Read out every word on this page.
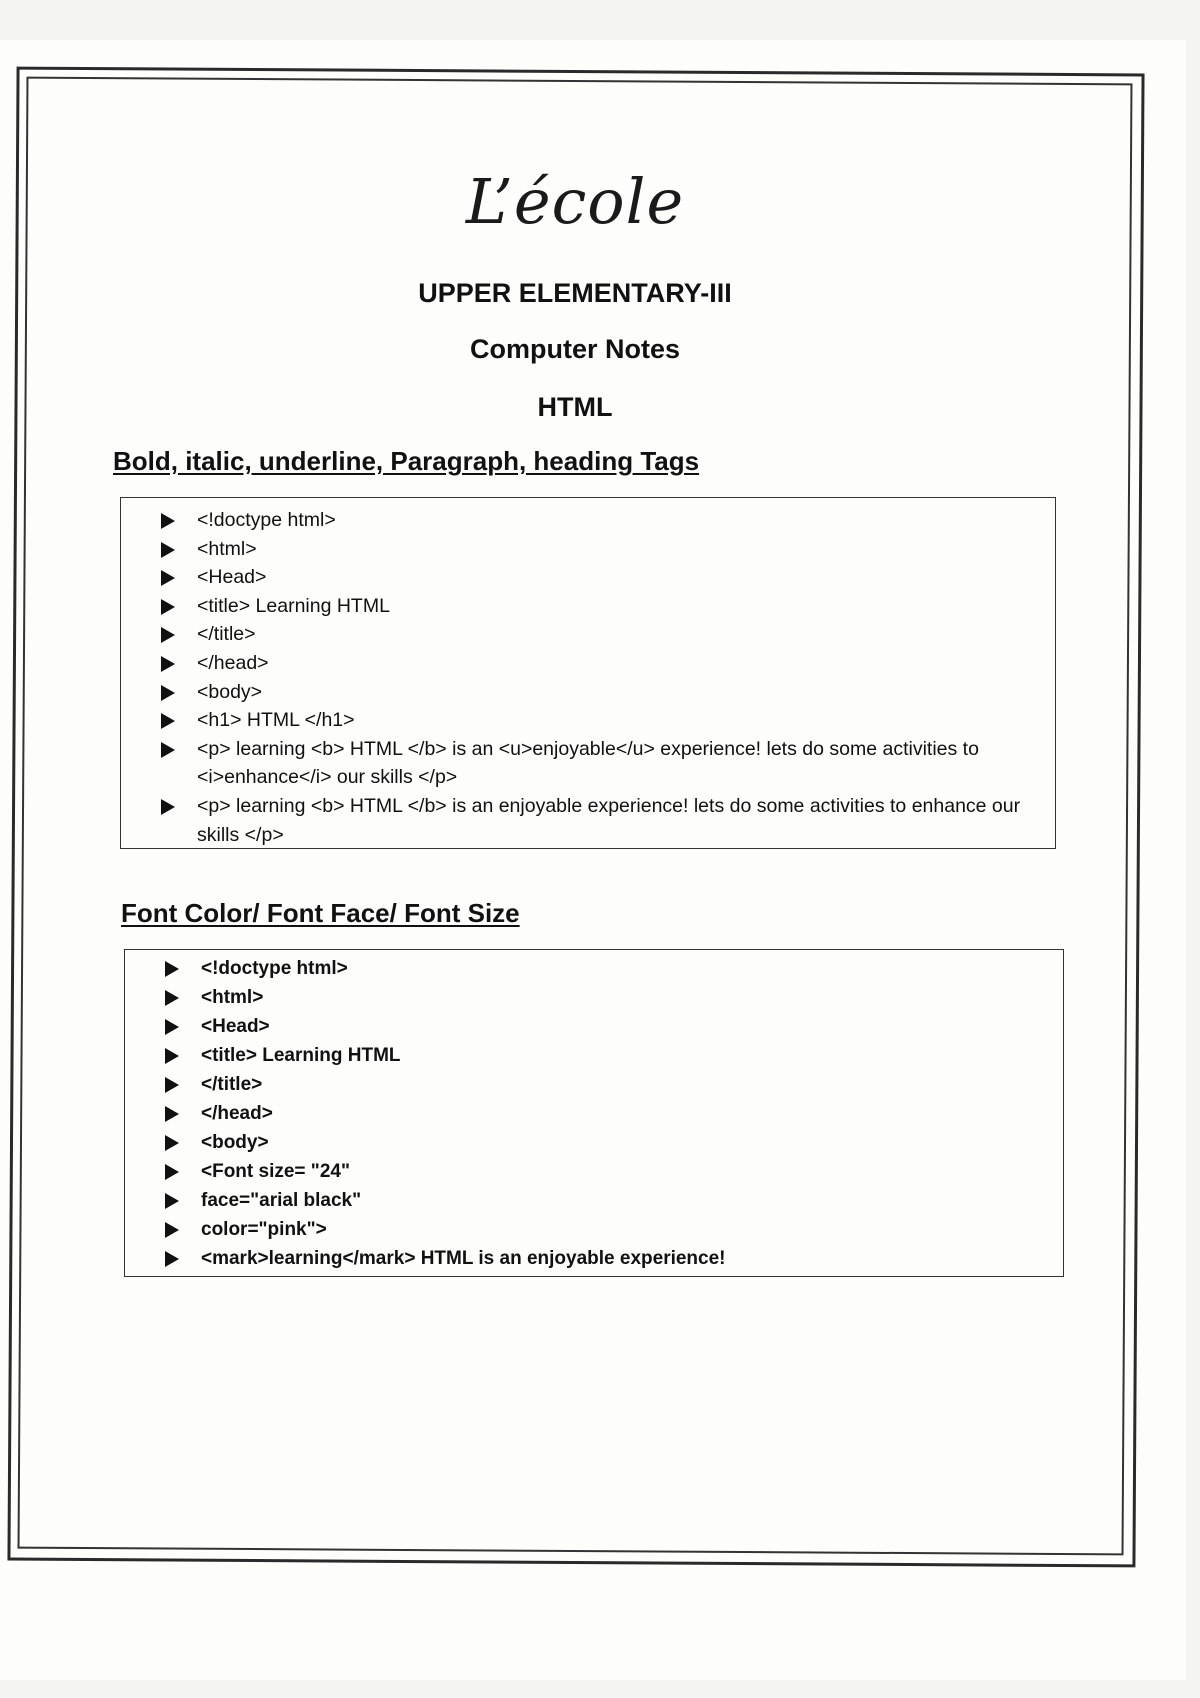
L’école
UPPER ELEMENTARY-III
Computer Notes
HTML
Bold, italic, underline, Paragraph, heading Tags
<!doctype html>
<html>
<Head>
<title> Learning HTML
</title>
</head>
<body>
<h1> HTML </h1>
<p> learning <b> HTML </b> is an <u>enjoyable</u> experience! lets do some activities to <i>enhance</i> our skills </p>
<p> learning <b> HTML </b> is an enjoyable experience! lets do some activities to enhance our skills </p>
Font Color/ Font Face/ Font Size
<!doctype html>
<html>
<Head>
<title> Learning HTML
</title>
</head>
<body>
<Font size= "24"
face="arial black"
color="pink">
<mark>learning</mark> HTML is an enjoyable experience!
